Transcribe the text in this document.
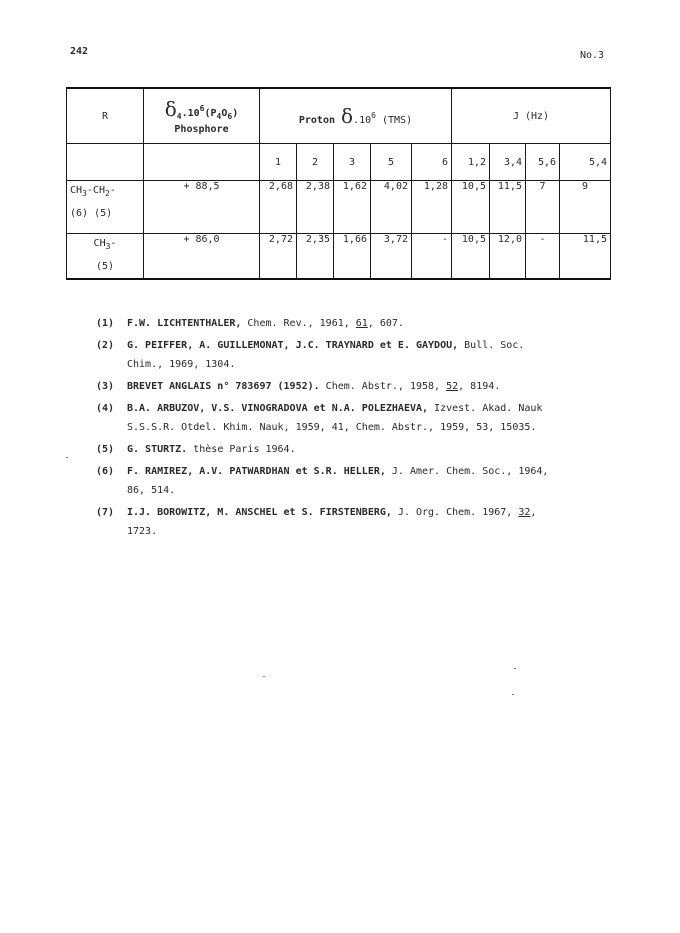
242	No.3
R	$\delta_4.10^6(P_4O_6)$
Phosphore	Proton $\delta.10^6$ (TMS)					J (Hz)			
		1	2	3	5	6	1,2	3,4	5,6	5,4

$CH_3-CH_2-$
(6) (5)	+ 88,5	2,68	2,38	1,62	4,02	1,28	10,5	11,5	7	9

$CH_3-$
(5)	+ 86,0	2,72	2,35	1,66	3,72	-	10,5	12,0	-	11,5
(1) F.W. LICHTENTHALER, Chem. Rev., 1961, 61, 607.
(2) G. PEIFFER, A. GUILLEMONAT, J.C. TRAYNARD et E. GAYDOU, Bull. Soc.
Chim., 1969, 1304.
(3) BREVET ANGLAIS n° 783697 (1952). Chem. Abstr., 1958, 52, 8194.
(4) B.A. ARBUZOV, V.S. VINOGRADOVA et N.A. POLEZHAEVA, Izvest. Akad. Nauk
S.S.S.R. Otdel. Khim. Nauk, 1959, 41, Chem. Abstr., 1959, 53, 15035.
(5) G. STURTZ. thèse Paris 1964.
(6) F. RAMIREZ, A.V. PATWARDHAN et S.R. HELLER, J. Amer. Chem. Soc., 1964,
86, 514.
(7) I.J. BOROWITZ, M. ANSCHEL et S. FIRSTENBERG, J. Org. Chem. 1967, 32,
1723.
